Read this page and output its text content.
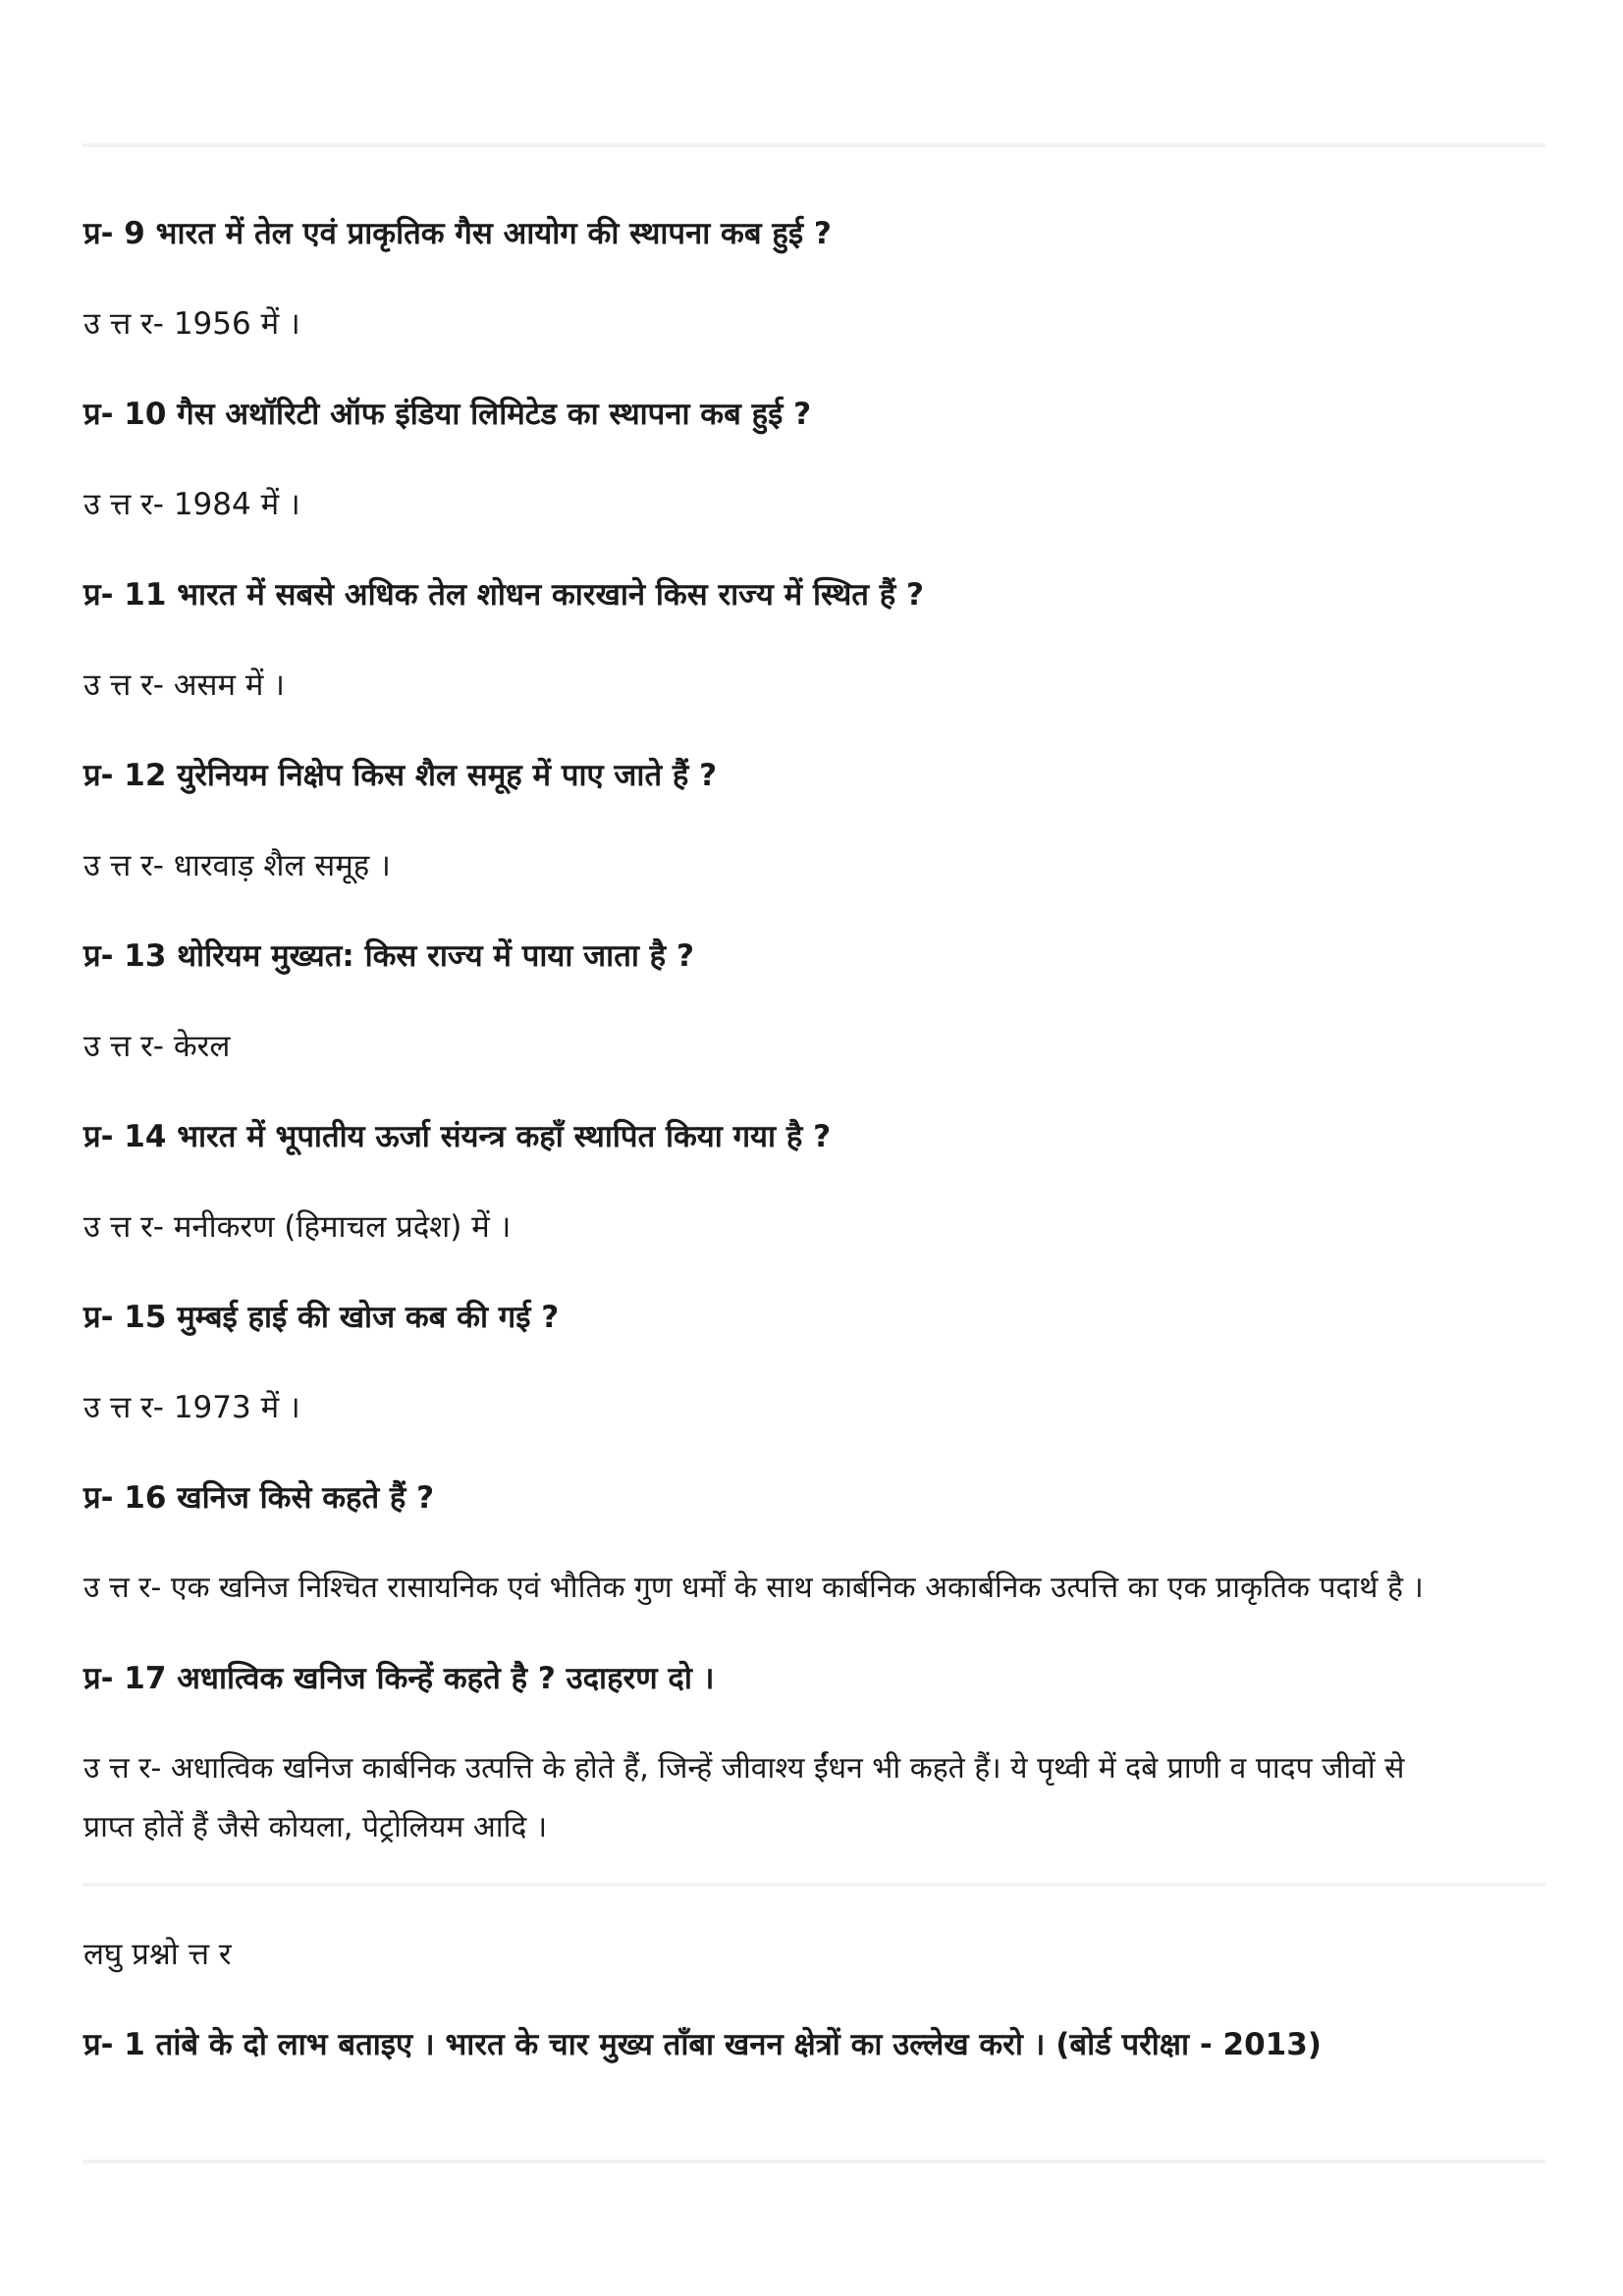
प्र- 9 भारत में तेल एवं प्राकृतिक गैस आयोग की स्थापना कब हुई ?
उ त्त र- 1956 में ।
प्र- 10 गैस अथॉरिटी ऑफ इंडिया लिमिटेड का स्थापना कब हुई ?
उ त्त र- 1984 में ।
प्र- 11 भारत में सबसे अधिक तेल शोधन कारखाने किस राज्य में स्थित हैं ?
उ त्त र- असम में ।
प्र- 12 युरेनियम निक्षेप किस शैल समूह में पाए जाते हैं ?
उ त्त र- धारवाड़ शैल समूह ।
प्र- 13 थोरियम मुख्यत: किस राज्य में पाया जाता है ?
उ त्त र- केरल
प्र- 14 भारत में भूपातीय ऊर्जा संयन्त्र कहाँ स्थापित किया गया है ?
उ त्त र- मनीकरण (हिमाचल प्रदेश) में ।
प्र- 15 मुम्बई हाई की खोज कब की गई ?
उ त्त र- 1973 में ।
प्र- 16 खनिज किसे कहते हैं ?
उ त्त र- एक खनिज निश्चित रासायनिक एवं भौतिक गुण धर्मों के साथ कार्बनिक अकार्बनिक उत्पत्ति का एक प्राकृतिक पदार्थ है ।
प्र- 17 अधात्विक खनिज किन्हें कहते है ? उदाहरण दो ।
उ त्त र- अधात्विक खनिज कार्बनिक उत्पत्ति के होते हैं, जिन्हें जीवाश्य ईंधन भी कहते हैं। ये पृथ्वी में दबे प्राणी व पादप जीवों से
प्राप्त होतें हैं जैसे कोयला, पेट्रोलियम आदि ।
लघु प्रश्नो त्त र
प्र- 1 तांबे के दो लाभ बताइए । भारत के चार मुख्य ताँबा खनन क्षेत्रों का उल्लेख करो । (बोर्ड परीक्षा - 2013)
